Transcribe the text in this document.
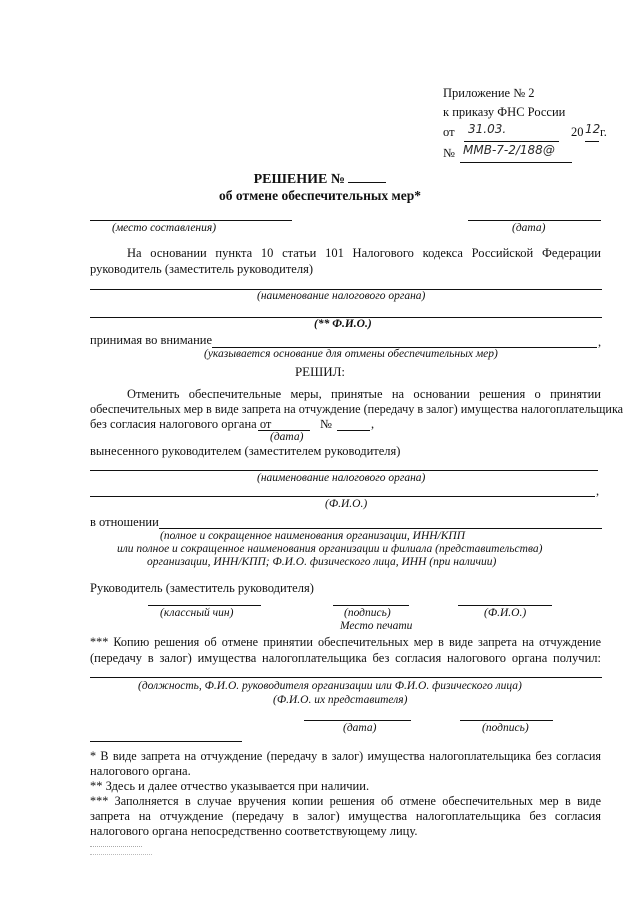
Приложение № 2
к приказу ФНС России
от 31.03.	20 12 г.
№ ММВ-7-2/188@
РЕШЕНИЕ №
об отмене обеспечительных мер*
(место составления)	(дата)
На основании пункта 10 статьи 101 Налогового кодекса Российской Федерации
руководитель (заместитель руководителя)
(наименование налогового органа)
(** Ф.И.О.)
принимая во внимание	,
(указывается основание для отмены обеспечительных мер)
РЕШИЛ:
Отменить обеспечительные меры, принятые на основании решения о принятии
обеспечительных мер в виде запрета на отчуждение (передачу в залог) имущества налогоплательщика
без согласия налогового органа от	№	,
(дата)
вынесенного руководителем (заместителем руководителя)
(наименование налогового органа)
,
(Ф.И.О.)
в отношении
(полное и сокращенное наименования организации, ИНН/КПП
или полное и сокращенное наименования организации и филиала (представительства)
организации, ИНН/КПП; Ф.И.О. физического лица, ИНН (при наличии)
Руководитель (заместитель руководителя)
(классный чин)	(подпись)	(Ф.И.О.)
Место печати
*** Копию решения об отмене принятии обеспечительных мер в виде запрета на отчуждение
(передачу в залог) имущества налогоплательщика без согласия налогового органа получил:
(должность, Ф.И.О. руководителя организации или Ф.И.О. физического лица)
(Ф.И.О. их представителя)
(дата)	(подпись)
* В виде запрета на отчуждение (передачу в залог) имущества налогоплательщика без согласия
налогового органа.
** Здесь и далее отчество указывается при наличии.
*** Заполняется в случае вручения копии решения об отмене обеспечительных мер в виде
запрета на отчуждение (передачу в залог) имущества налогоплательщика без согласия
налогового органа непосредственно соответствующему лицу.
